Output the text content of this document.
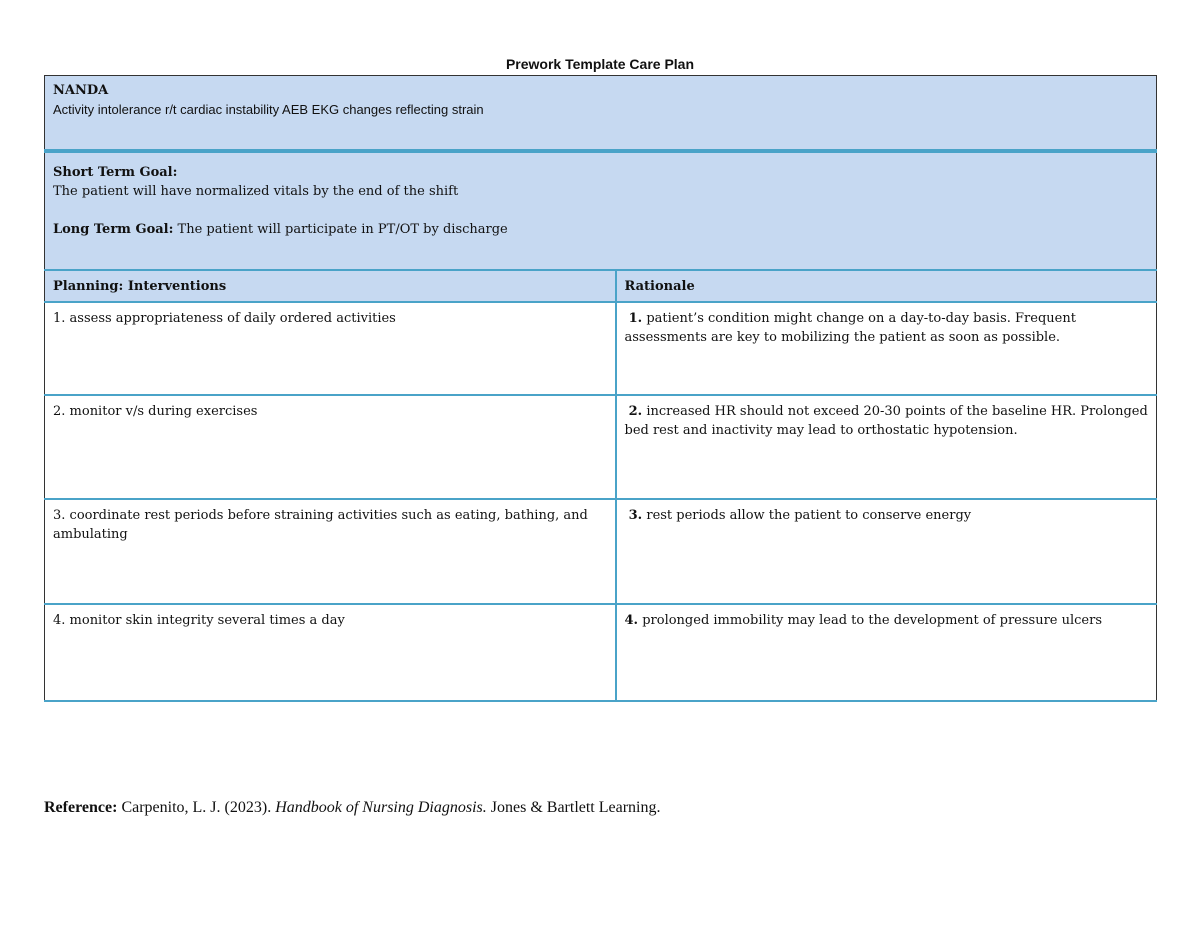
Prework Template Care Plan
NANDA
Activity intolerance r/t cardiac instability AEB EKG changes reflecting strain	

Short Term Goal:
The patient will have normalized vitals by the end of the shift
Long Term Goal: The patient will participate in PT/OT by discharge	

Planning: Interventions	Rationale
1. assess appropriateness of daily ordered activities	1. patient’s condition might change on a day-to-day basis. Frequent assessments are key to mobilizing the patient as soon as possible.
2. monitor v/s during exercises	2. increased HR should not exceed 20-30 points of the baseline HR. Prolonged bed rest and inactivity may lead to orthostatic hypotension.
3. coordinate rest periods before straining activities such as eating, bathing, and ambulating	3. rest periods allow the patient to conserve energy
4. monitor skin integrity several times a day	4. prolonged immobility may lead to the development of pressure ulcers

Reference: Carpenito, L. J. (2023). Handbook of Nursing Diagnosis. Jones & Bartlett Learning.
